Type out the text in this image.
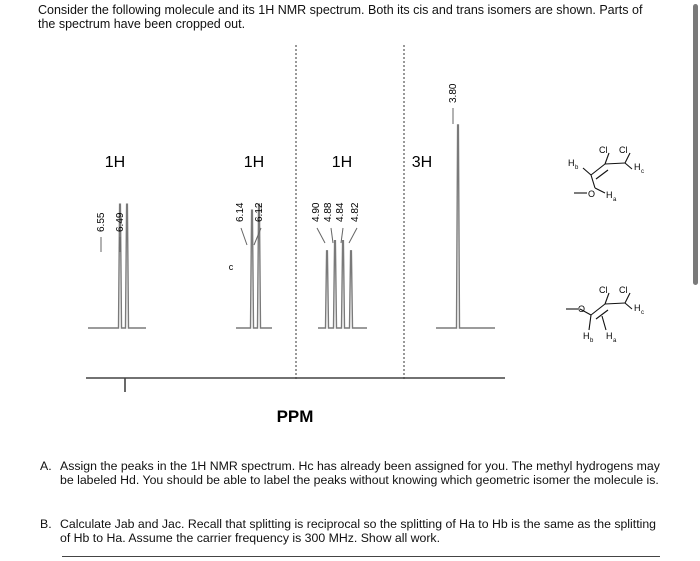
Consider the following molecule and its 1H NMR spectrum. Both its cis and trans isomers are shown. Parts of the spectrum have been cropped out.

PPM
1H	1H	1H	3H
c
6.55 6.49
6.14 6.12	4.90 4.88 4.84 4.82
3.80
Cl Cl
H b	H c
H a
O
Cl Cl
H c
H b H a
O
A. Assign the peaks in the 1H NMR spectrum. Hc has already been assigned for you. The methyl hydrogens may be labeled Hd. You should be able to label the peaks without knowing which geometric isomer the molecule is.
B. Calculate Jab and Jac. Recall that splitting is reciprocal so the splitting of Ha to Hb is the same as the splitting of Hb to Ha. Assume the carrier frequency is 300 MHz. Show all work.
